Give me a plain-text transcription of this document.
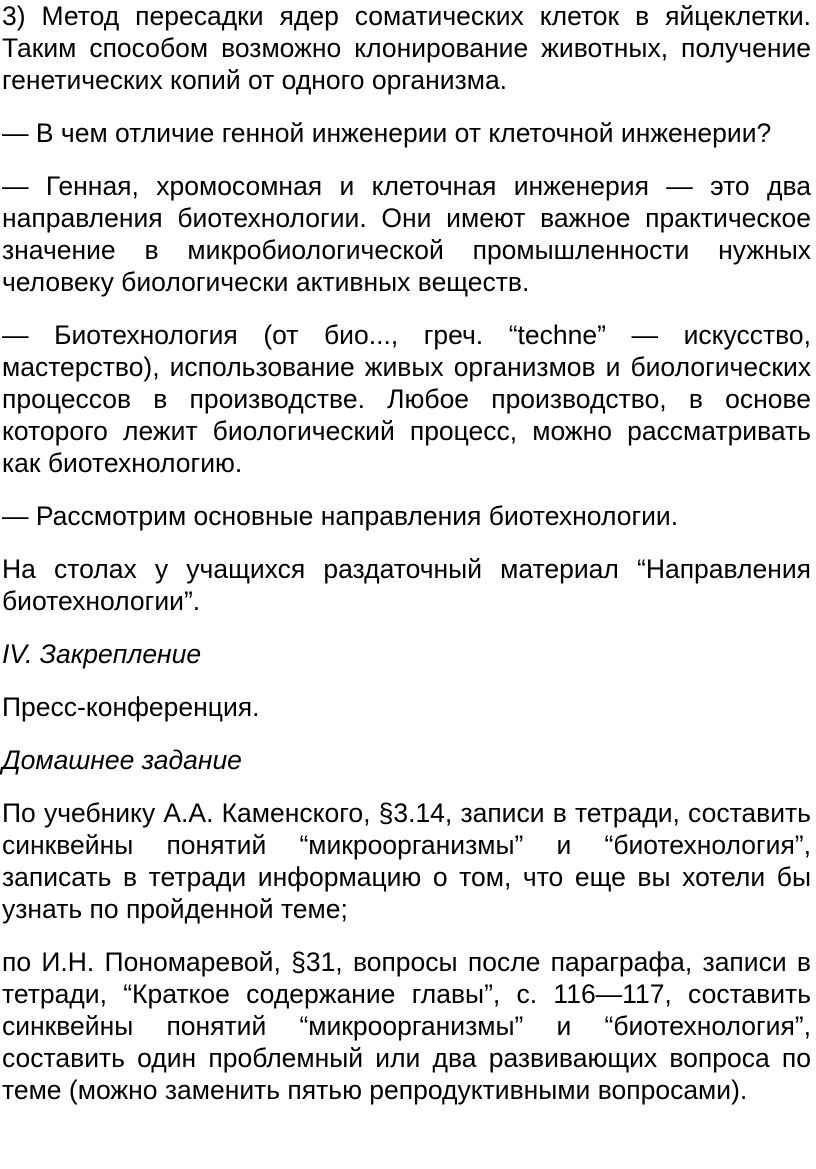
3) Метод пересадки ядер соматических клеток в яйцеклетки. Таким способом возможно клонирование животных, получение генетических копий от одного организма.

— В чем отличие генной инженерии от клеточной инженерии?

— Генная, хромосомная и клеточная инженерия — это два направления биотехнологии. Они имеют важное практическое значение в микробиологической промышленности нужных человеку биологически активных веществ.

— Биотехнология (от био..., греч. “techne” — искусство, мастерство), использование живых организмов и биологических процессов в производстве. Любое производство, в основе которого лежит биологический процесс, можно рассматривать как биотехнологию.

— Рассмотрим основные направления биотехнологии.

На столах у учащихся раздаточный материал “Направления биотехнологии”.

IV. Закрепление

Пресс-конференция.

Домашнее задание

По учебнику А.А. Каменского, §3.14, записи в тетради, составить синквейны понятий “микроорганизмы” и “биотехнология”, записать в тетради информацию о том, что еще вы хотели бы узнать по пройденной теме;

по И.Н. Пономаревой, §31, вопросы после параграфа, записи в тетради, “Краткое содержание главы”, с. 116—117, составить синквейны понятий “микроорганизмы” и “биотехнология”, составить один проблемный или два развивающих вопроса по теме (можно заменить пятью репродуктивными вопросами).
